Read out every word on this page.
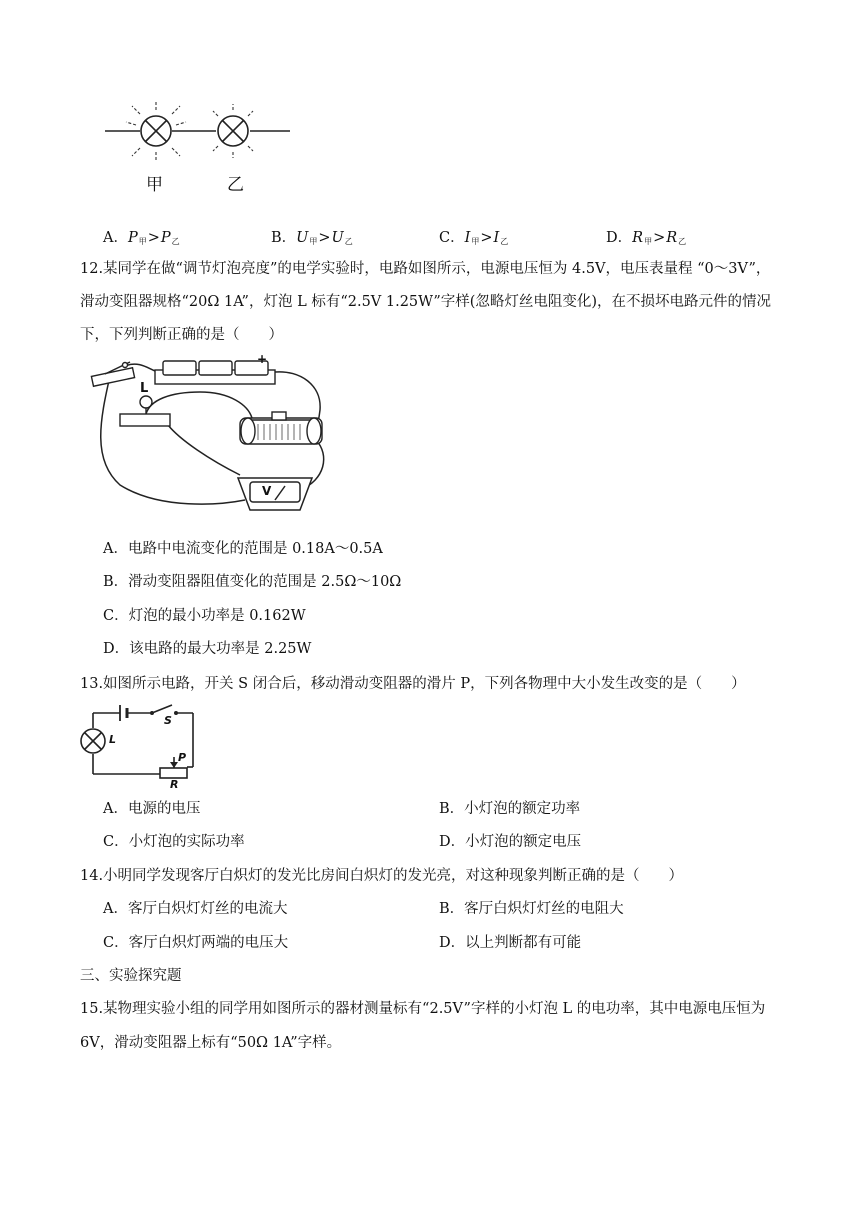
甲	乙
A．$P_甲>P_乙$	B．$U_甲>U_乙$	C．$I_甲>I_乙$	D．$R_甲>R_乙$
12.某同学在做“调节灯泡亮度”的电学实验时，电路如图所示，电源电压恒为 4.5V，电压表量程 “0～3V”，
滑动变阻器规格“20Ω 1A”，灯泡 L 标有“2.5V 1.25W”字样(忽略灯丝电阻变化)，在不损坏电路元件的情况
下，下列判断正确的是（　　）
+
L
V
A．电路中电流变化的范围是 0.18A～0.5A
B．滑动变阻器阻值变化的范围是 2.5Ω～10Ω
C．灯泡的最小功率是 0.162W
D．该电路的最大功率是 2.25W
13.如图所示电路，开关 S 闭合后，移动滑动变阻器的滑片 P，下列各物理中大小发生改变的是（　　）
L
S
P
R
A．电源的电压	B．小灯泡的额定功率
C．小灯泡的实际功率	D．小灯泡的额定电压
14.小明同学发现客厅白炽灯的发光比房间白炽灯的发光亮，对这种现象判断正确的是（　　）
A．客厅白炽灯灯丝的电流大	B．客厅白炽灯灯丝的电阻大
C．客厅白炽灯两端的电压大	D．以上判断都有可能
三、实验探究题
15.某物理实验小组的同学用如图所示的器材测量标有“2.5V”字样的小灯泡 L 的电功率，其中电源电压恒为
6V，滑动变阻器上标有“50Ω 1A”字样。
